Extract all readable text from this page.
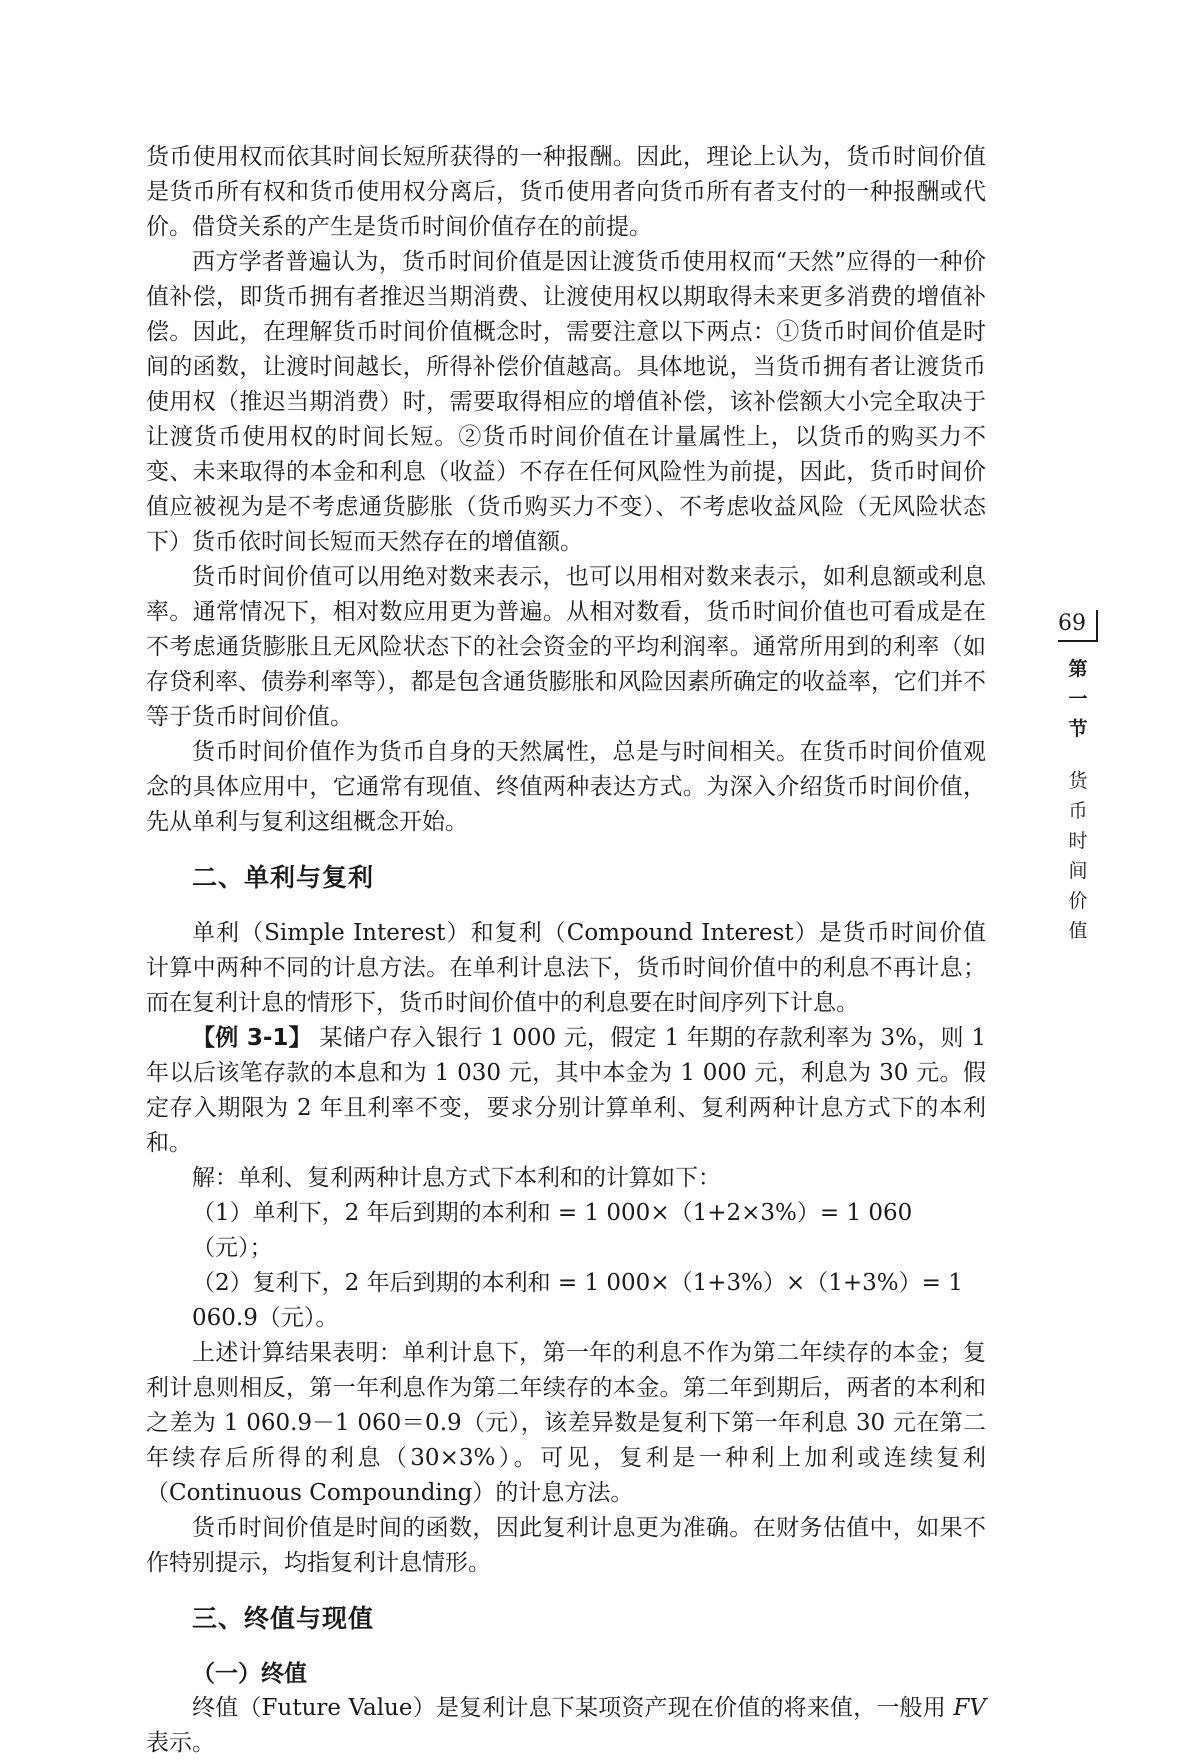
货币使用权而依其时间长短所获得的一种报酬。因此，理论上认为，货币时间价值是货币所有权和货币使用权分离后，货币使用者向货币所有者支付的一种报酬或代价。借贷关系的产生是货币时间价值存在的前提。

西方学者普遍认为，货币时间价值是因让渡货币使用权而“天然”应得的一种价值补偿，即货币拥有者推迟当期消费、让渡使用权以期取得未来更多消费的增值补偿。因此，在理解货币时间价值概念时，需要注意以下两点：①货币时间价值是时间的函数，让渡时间越长，所得补偿价值越高。具体地说，当货币拥有者让渡货币使用权（推迟当期消费）时，需要取得相应的增值补偿，该补偿额大小完全取决于让渡货币使用权的时间长短。②货币时间价值在计量属性上，以货币的购买力不变、未来取得的本金和利息（收益）不存在任何风险性为前提，因此，货币时间价值应被视为是不考虑通货膨胀（货币购买力不变）、不考虑收益风险（无风险状态下）货币依时间长短而天然存在的增值额。

货币时间价值可以用绝对数来表示，也可以用相对数来表示，如利息额或利息率。通常情况下，相对数应用更为普遍。从相对数看，货币时间价值也可看成是在不考虑通货膨胀且无风险状态下的社会资金的平均利润率。通常所用到的利率（如存贷利率、债券利率等），都是包含通货膨胀和风险因素所确定的收益率，它们并不等于货币时间价值。

货币时间价值作为货币自身的天然属性，总是与时间相关。在货币时间价值观念的具体应用中，它通常有现值、终值两种表达方式。为深入介绍货币时间价值，先从单利与复利这组概念开始。

二、单利与复利

单利（Simple Interest）和复利（Compound Interest）是货币时间价值计算中两种不同的计息方法。在单利计息法下，货币时间价值中的利息不再计息；而在复利计息的情形下，货币时间价值中的利息要在时间序列下计息。

【例 3-1】 某储户存入银行 1 000 元，假定 1 年期的存款利率为 3%，则 1 年以后该笔存款的本息和为 1 030 元，其中本金为 1 000 元，利息为 30 元。假定存入期限为 2 年且利率不变，要求分别计算单利、复利两种计息方式下的本利和。

解：单利、复利两种计息方式下本利和的计算如下：

（1）单利下，2 年后到期的本利和 = 1 000×（1+2×3%）= 1 060（元）；

（2）复利下，2 年后到期的本利和 = 1 000×（1+3%）×（1+3%）= 1 060.9（元）。

上述计算结果表明：单利计息下，第一年的利息不作为第二年续存的本金；复利计息则相反，第一年利息作为第二年续存的本金。第二年到期后，两者的本利和之差为 1 060.9－1 060＝0.9（元），该差异数是复利下第一年利息 30 元在第二年续存后所得的利息（30×3%）。可见，复利是一种利上加利或连续复利（Continuous Compounding）的计息方法。

货币时间价值是时间的函数，因此复利计息更为准确。在财务估值中，如果不作特别提示，均指复利计息情形。

三、终值与现值
（一）终值

终值（Future Value）是复利计息下某项资产现在价值的将来值，一般用 FV 表示。

69
第
一
节
货
币
时
间
价
值
